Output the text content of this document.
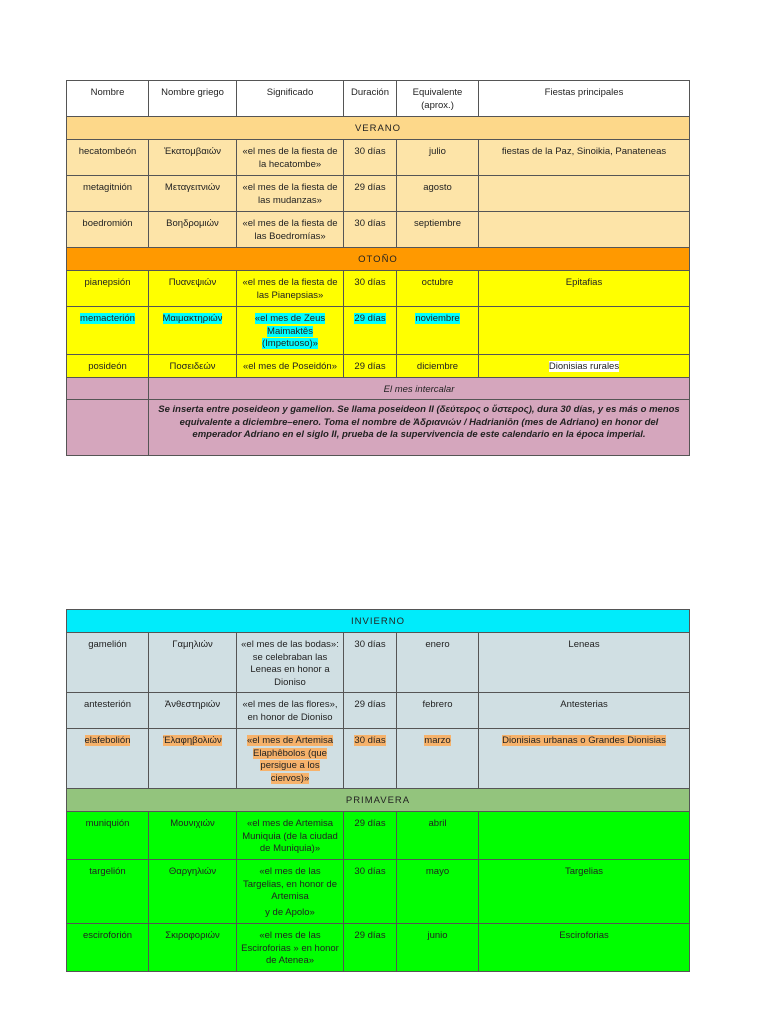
Nombre	Nombre griego	Significado	Duración	Equivalente (aprox.)	Fiestas principales
VERANO					
hecatombeón	Ἑκατομβαιών	«el mes de la fiesta de la hecatombe»	30 días	julio	fiestas de la Paz, Sinoikia, Panateneas
metagitnión	Μεταγειτνιών	«el mes de la fiesta de las mudanzas»	29 días	agosto	
boedromión	Βοηδρομιών	«el mes de la fiesta de las Boedromías»	30 días	septiembre	
OTOÑO					
pianepsión	Πυανεψιών	«el mes de la fiesta de las Pianepsias»	30 días	octubre	Epitafias
memacterión	Μαιμακτηριών	«el mes de Zeus Maimaktês (Impetuoso)»	29 días	noviembre	
posideón	Ποσειδεών	«el mes de Poseidón»	29 días	diciembre	Dionisias rurales
	El mes intercalar				
	Se inserta entre poseideon y gamelion. Se llama poseideon II (δεύτερος o ὕστερος), dura 30 días, y es más o menos equivalente a diciembre–enero. Toma el nombre de Ἀδριανιών / Hadrianiōn (mes de Adriano) en honor del emperador Adriano en el siglo II, prueba de la supervivencia de este calendario en la época imperial.				
INVIERNO					
gamelión	Γαμηλιών	«el mes de las bodas»: se celebraban las Leneas en honor a Dioniso	30 días	enero	Leneas
antesterión	Ἀνθεστηριών	«el mes de las flores», en honor de Dioniso	29 días	febrero	Antesterias
elafebolión	Ἐλαφηβολιών	«el mes de Artemisa Elaphêbolos (que persigue a los ciervos)»	30 días	marzo	Dionisias urbanas o Grandes Dionisias
PRIMAVERA					
muniquión	Μουνιχιών	«el mes de Artemisa Muniquia (de la ciudad de Muniquia)»	29 días	abril	
targelión	Θαργηλιών	«el mes de las Targelias, en honor de Artemisa
y de Apolo»	30 días	mayo	Targelias
esciroforión	Σκιροφοριών	«el mes de las Esciroforias » en honor de Atenea»	29 días	junio	Esciroforias
